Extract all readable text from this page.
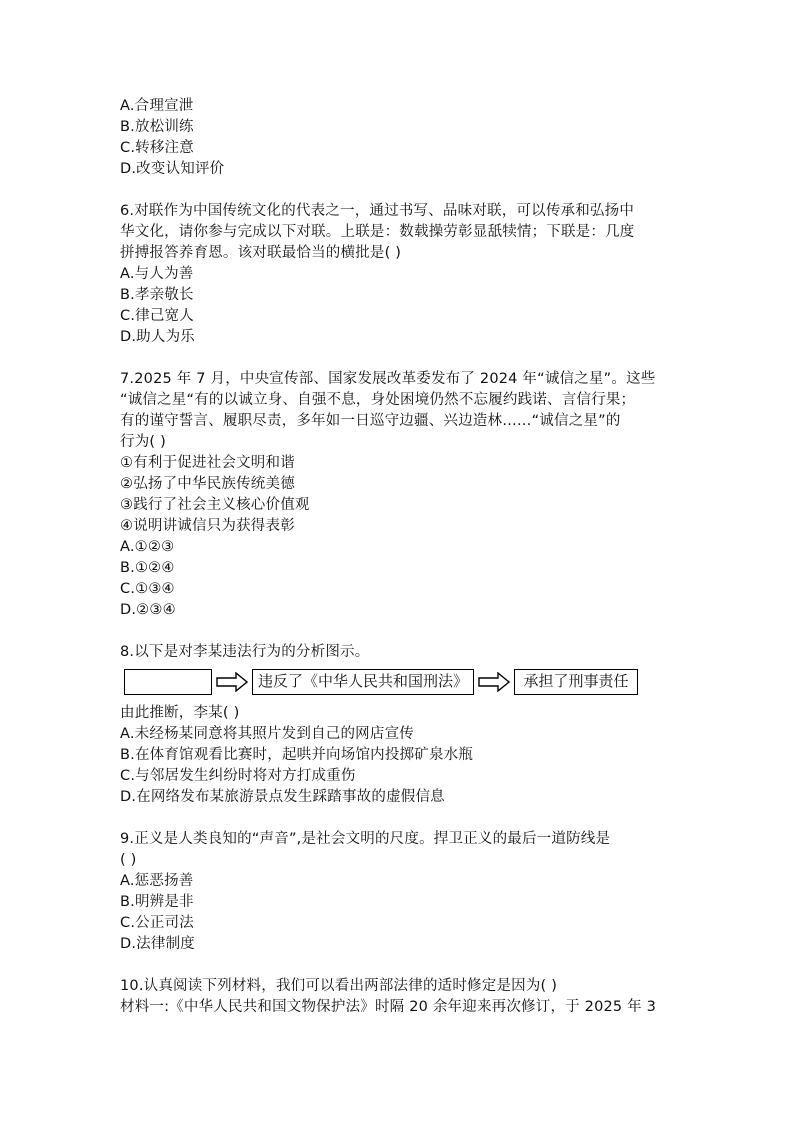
A.合理宣泄
B.放松训练
C.转移注意
D.改变认知评价
6.对联作为中国传统文化的代表之一，通过书写、品味对联，可以传承和弘扬中
华文化，请你参与完成以下对联。上联是：数载操劳彰显舐犊情；下联是：几度
拼搏报答养育恩。该对联最恰当的横批是( )
A.与人为善
B.孝亲敬长
C.律己宽人
D.助人为乐
7.2025 年 7 月，中央宣传部、国家发展改革委发布了 2024 年“诚信之星”。这些
“诚信之星“有的以诚立身、自强不息，身处困境仍然不忘履约践诺、言信行果；
有的谨守誓言、履职尽责，多年如一日巡守边疆、兴边造林……“诚信之星”的
行为( )
①有利于促进社会文明和谐
②弘扬了中华民族传统美德
③践行了社会主义核心价值观
④说明讲诚信只为获得表彰
A.①②③
B.①②④
C.①③④
D.②③④
8.以下是对李某违法行为的分析图示。
违反了《中华人民共和国刑法》	承担了刑事责任
由此推断，李某( )
A.未经杨某同意将其照片发到自己的网店宣传
B.在体育馆观看比赛时，起哄并向场馆内投掷矿泉水瓶
C.与邻居发生纠纷时将对方打成重伤
D.在网络发布某旅游景点发生踩踏事故的虚假信息
9.正义是人类良知的“声音”,是社会文明的尺度。捍卫正义的最后一道防线是
( )
A.惩恶扬善
B.明辨是非
C.公正司法
D.法律制度
10.认真阅读下列材料，我们可以看出两部法律的适时修定是因为( )
材料一:《中华人民共和国文物保护法》时隔 20 余年迎来再次修订，于 2025 年 3
